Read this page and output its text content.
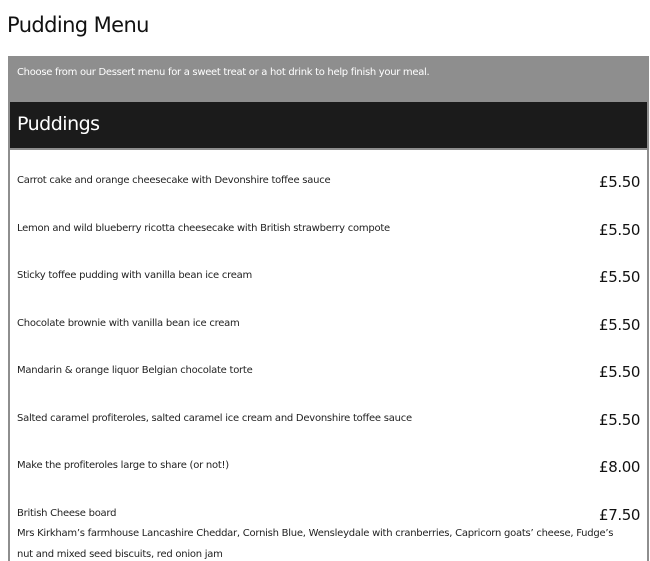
Pudding Menu
Choose from our Dessert menu for a sweet treat or a hot drink to help finish your meal.
Puddings
Carrot cake and orange cheesecake with Devonshire toffee sauce	£5.50
Lemon and wild blueberry ricotta cheesecake with British strawberry compote	£5.50
Sticky toffee pudding with vanilla bean ice cream	£5.50
Chocolate brownie with vanilla bean ice cream	£5.50
Mandarin & orange liquor Belgian chocolate torte	£5.50
Salted caramel profiteroles, salted caramel ice cream and Devonshire toffee sauce	£5.50
Make the profiteroles large to share (or not!)	£8.00
British Cheese board	£7.50
Mrs Kirkham’s farmhouse Lancashire Cheddar, Cornish Blue, Wensleydale with cranberries, Capricorn goats’ cheese, Fudge’s nut and mixed seed biscuits, red onion jam
